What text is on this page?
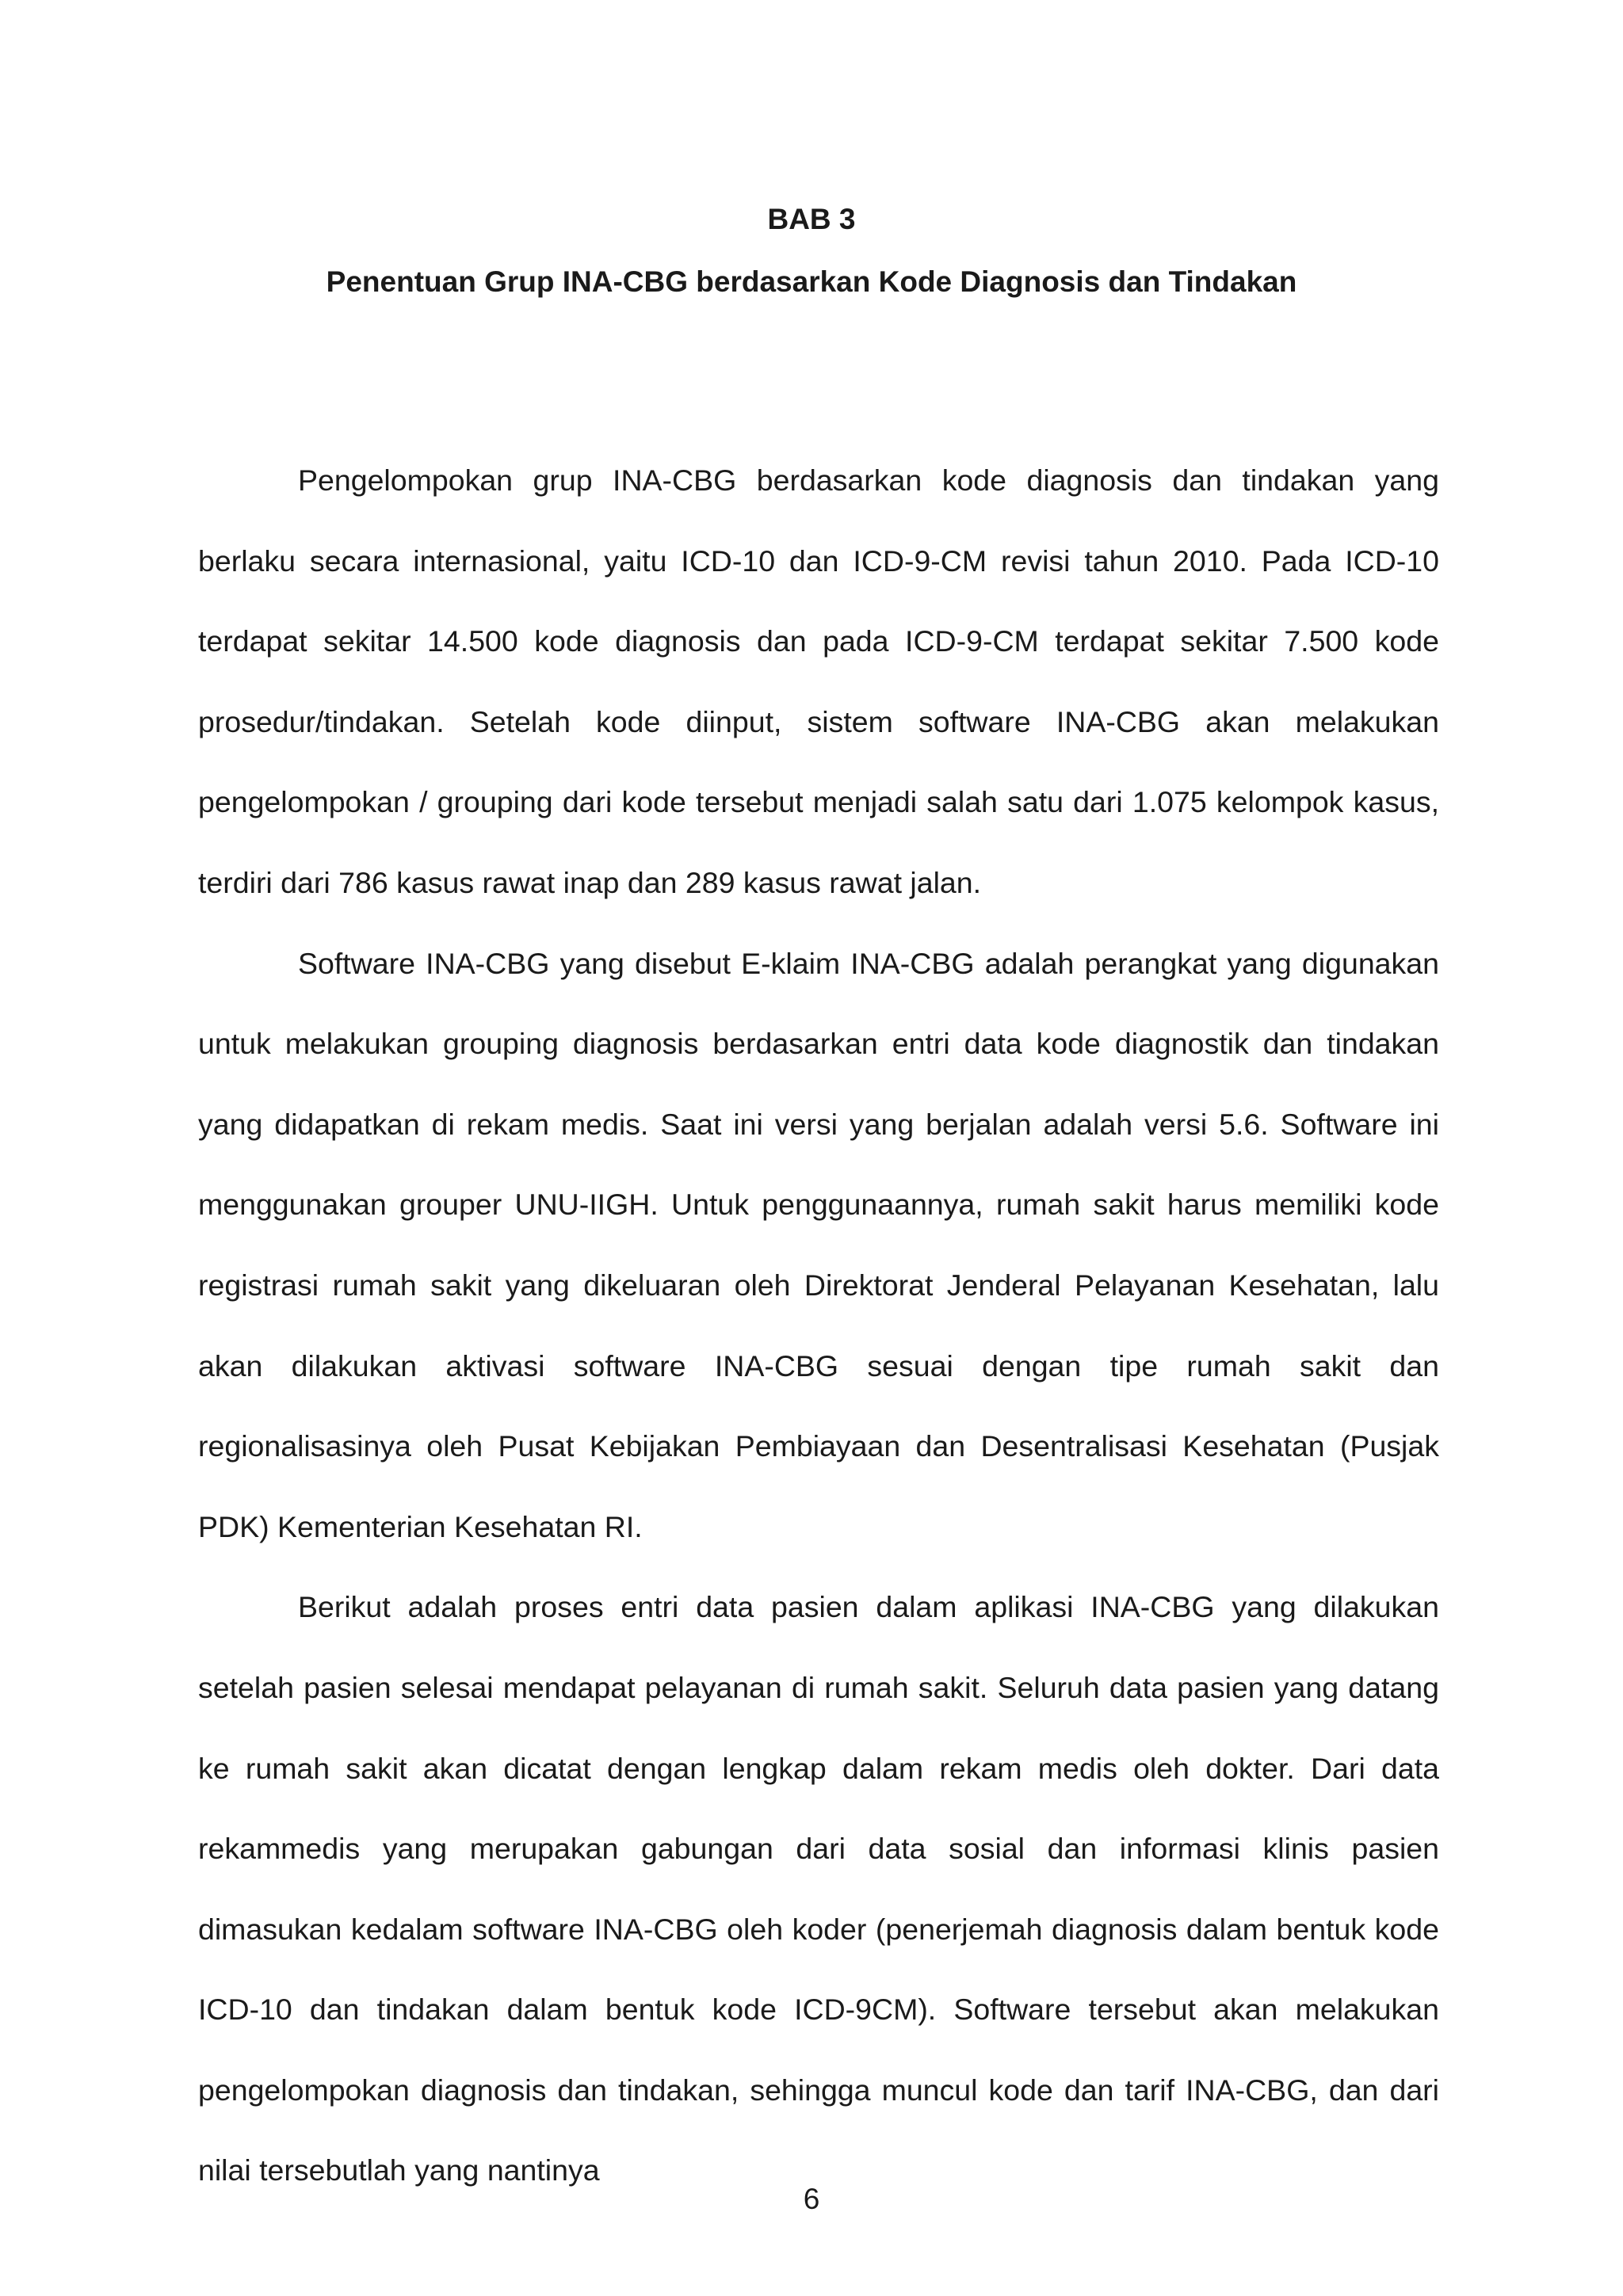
BAB 3
Penentuan Grup INA-CBG berdasarkan Kode Diagnosis dan Tindakan

Pengelompokan grup INA-CBG berdasarkan kode diagnosis dan tindakan yang berlaku secara internasional, yaitu ICD-10 dan ICD-9-CM revisi tahun 2010. Pada ICD-10 terdapat sekitar 14.500 kode diagnosis dan pada ICD-9-CM terdapat sekitar 7.500 kode prosedur/tindakan. Setelah kode diinput, sistem software INA-CBG akan melakukan pengelompokan / grouping dari kode tersebut menjadi salah satu dari 1.075 kelompok kasus, terdiri dari 786 kasus rawat inap dan 289 kasus rawat jalan.

Software INA-CBG yang disebut E-klaim INA-CBG adalah perangkat yang digunakan untuk melakukan grouping diagnosis berdasarkan entri data kode diagnostik dan tindakan yang didapatkan di rekam medis. Saat ini versi yang berjalan adalah versi 5.6. Software ini menggunakan grouper UNU-IIGH. Untuk penggunaannya, rumah sakit harus memiliki kode registrasi rumah sakit yang dikeluaran oleh Direktorat Jenderal Pelayanan Kesehatan, lalu akan dilakukan aktivasi software INA-CBG sesuai dengan tipe rumah sakit dan regionalisasinya oleh Pusat Kebijakan Pembiayaan dan Desentralisasi Kesehatan (Pusjak PDK) Kementerian Kesehatan RI.

Berikut adalah proses entri data pasien dalam aplikasi INA-CBG yang dilakukan setelah pasien selesai mendapat pelayanan di rumah sakit. Seluruh data pasien yang datang ke rumah sakit akan dicatat dengan lengkap dalam rekam medis oleh dokter. Dari data rekammedis yang merupakan gabungan dari data sosial dan informasi klinis pasien dimasukan kedalam software INA-CBG oleh koder (penerjemah diagnosis dalam bentuk kode ICD-10 dan tindakan dalam bentuk kode ICD-9CM). Software tersebut akan melakukan pengelompokan diagnosis dan tindakan, sehingga muncul kode dan tarif INA-CBG, dan dari nilai tersebutlah yang nantinya

6
